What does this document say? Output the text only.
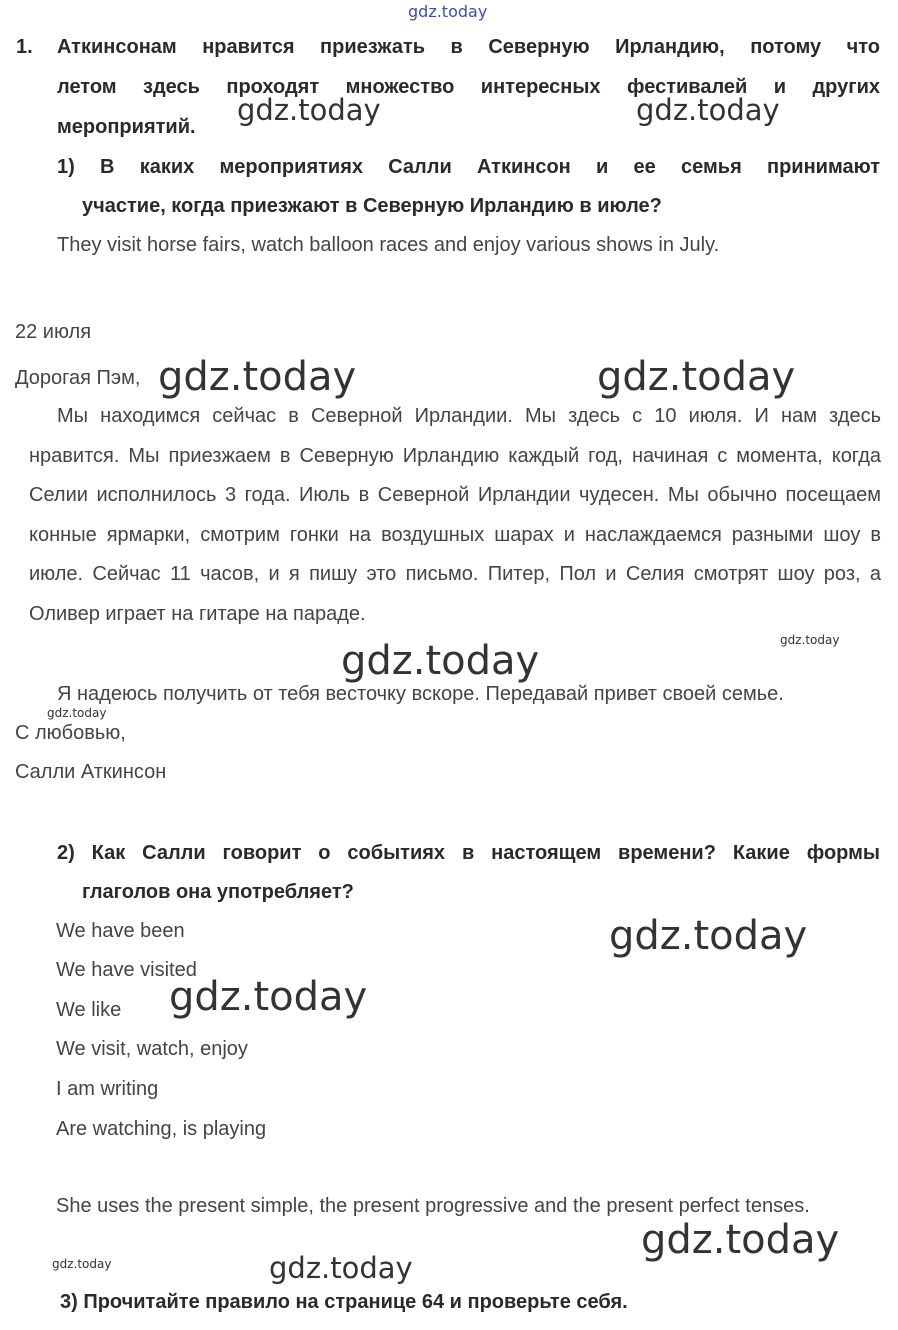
gdz.today
1. Аткинсонам нравится приезжать в Северную Ирландию, потому что
летом здесь проходят множество интересных фестивалей и других
мероприятий.
1) В каких мероприятиях Салли Аткинсон и ее семья принимают
участие, когда приезжают в Северную Ирландию в июле?
They visit horse fairs, watch balloon races and enjoy various shows in July.
22 июля
Дорогая Пэм,
Мы находимся сейчас в Северной Ирландии. Мы здесь с 10 июля. И нам здесь нравится. Мы приезжаем в Северную Ирландию каждый год, начиная с момента, когда Селии исполнилось 3 года. Июль в Северной Ирландии чудесен. Мы обычно посещаем конные ярмарки, смотрим гонки на воздушных шарах и наслаждаемся разными шоу в июле. Сейчас 11 часов, и я пишу это письмо. Питер, Пол и Селия смотрят шоу роз, а Оливер играет на гитаре на параде.
Я надеюсь получить от тебя весточку вскоре. Передавай привет своей семье.
С любовью,
Салли Аткинсон
2) Как Салли говорит о событиях в настоящем времени? Какие формы
глаголов она употребляет?
We have been
We have visited
We like
We visit, watch, enjoy
I am writing
Are watching, is playing
She uses the present simple, the present progressive and the present perfect tenses.
3) Прочитайте правило на странице 64 и проверьте себя.
gdz.today	gdz.today
gdz.today	gdz.today
gdz.today
gdz.today
gdz.today
gdz.today
gdz.today
gdz.today
gdz.today	gdz.today
